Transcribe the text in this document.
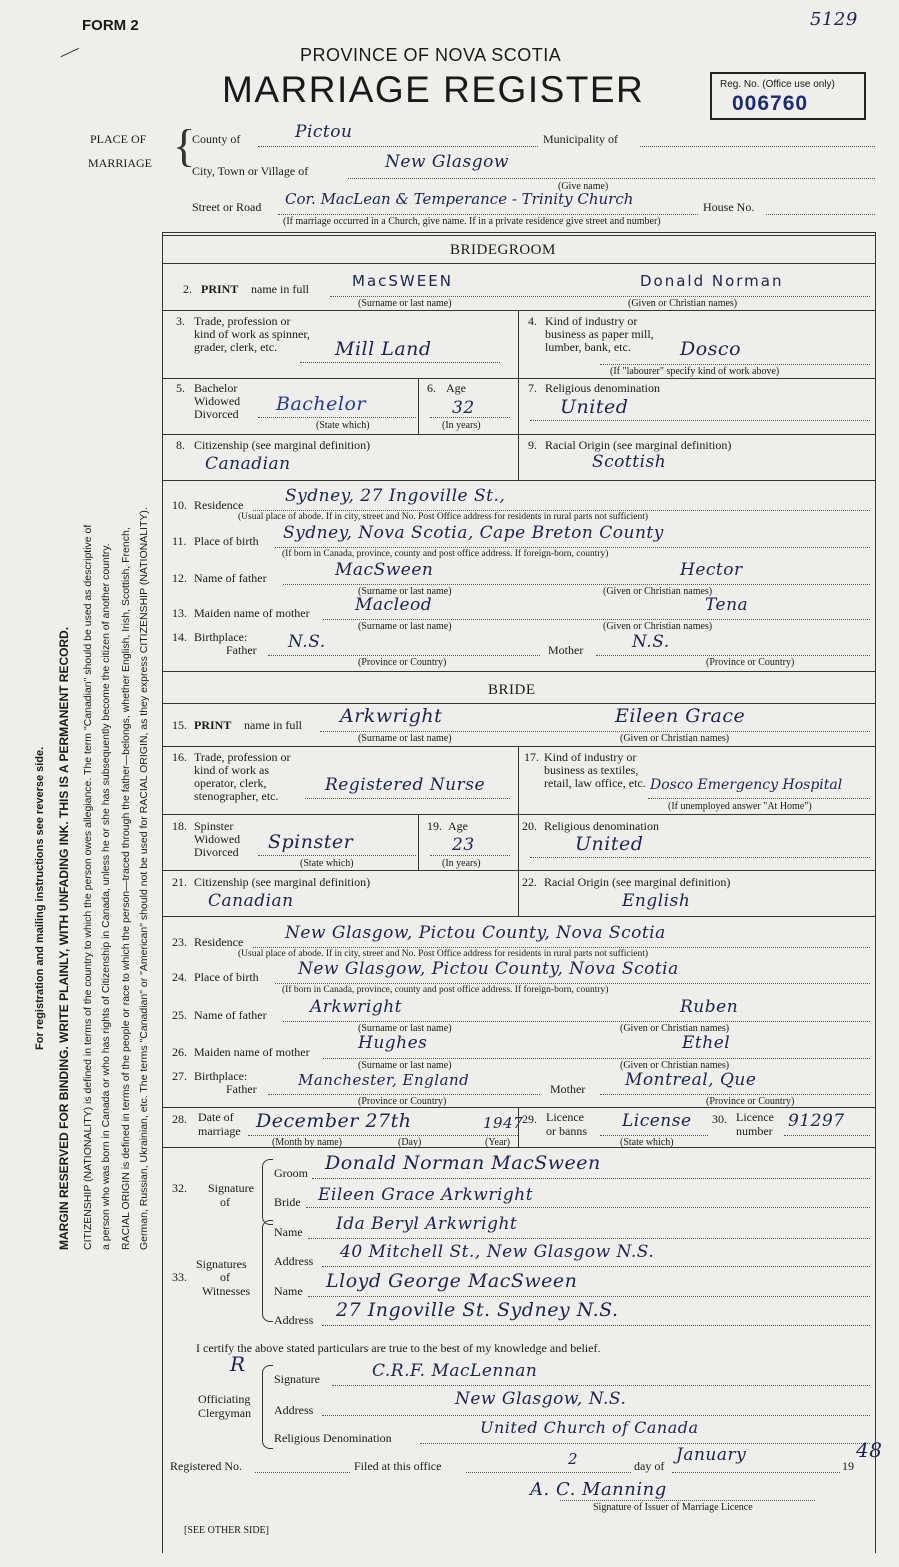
For registration and mailing instructions see reverse side. MARGIN RESERVED FOR BINDING. WRITE PLAINLY, WITH UNFADING INK. THIS IS A PERMANENT RECORD. CITIZENSHIP (NATIONALITY) is defined in terms of the country to which the person owes allegiance. The term "Canadian" should be used as descriptive of a person who was born in Canada or who has rights of Citizenship in Canada, unless he or she has subsequently become the citizen of another country. RACIAL ORIGIN is defined in terms of the people or race to which the person—traced through the father—belongs, whether English, Irish, Scottish, French, German, Russian, Ukrainian, etc. The terms "Canadian" or "American" should not be used for RACIAL ORIGIN, as they express CITIZENSHIP (NATIONALITY).
FORM 2	5129
PROVINCE OF NOVA SCOTIA
MARRIAGE REGISTER	Reg. No. (Office use only)
006760
PLACE OF
MARRIAGE {
County of	Pictou	Municipality of
City, Town or Village of	New Glasgow
(Give name)
Street or Road Cor. MacLean & Temperance - Trinity Church	House No.
(If marriage occurred in a Church, give name. If in a private residence give street and number)
BRIDEGROOM
2. PRINT name in full	MacSWEEN	Donald Norman
(Surname or last name)	(Given or Christian names)
3. Trade, profession or kind of work as spinner, grader, clerk, etc.	Mill Land
4. Kind of industry or business as paper mill, lumber, bank, etc.	Dosco
(If "labourer" specify kind of work above)
5. Bachelor Widowed Divorced	Bachelor
(State which)
6. Age
32
(In years)
7. Religious denomination
United
8. Citizenship (see marginal definition)
Canadian
9. Racial Origin (see marginal definition)
Scottish
10. Residence Sydney, 27 Ingoville St.,
(Usual place of abode. If in city, street and No. Post Office address for residents in rural parts not sufficient)
11. Place of birth Sydney, Nova Scotia, Cape Breton County
(If born in Canada, province, county and post office address. If foreign-born, country)
12. Name of father	MacSween	Hector
(Surname or last name)	(Given or Christian names)
13. Maiden name of mother	Macleod	Tena
(Surname or last name)	(Given or Christian names)
14. Birthplace:
Father N.S.	Mother	N.S.
(Province or Country)	(Province or Country)
BRIDE
15. PRINT name in full Arkwright	Eileen Grace
(Surname or last name)	(Given or Christian names)
16. Trade, profession or kind of work as operator, clerk, stenographer, etc.
Registered Nurse
17. Kind of industry or business as textiles, retail, law office, etc. Dosco Emergency Hospital
(If unemployed answer "At Home")
18. Spinster Widowed Divorced	Spinster
(State which)
19. Age
23
(In years)
20. Religious denomination
United
21. Citizenship (see marginal definition)
Canadian
22. Racial Origin (see marginal definition)
English
23. Residence New Glasgow, Pictou County, Nova Scotia
(Usual place of abode. If in city, street and No. Post Office address for residents in rural parts not sufficient)
24. Place of birth New Glasgow, Pictou County, Nova Scotia
(If born in Canada, province, county and post office address. If foreign-born, country)
25. Name of father	Arkwright	Ruben
(Surname or last name)	(Given or Christian names)
26. Maiden name of mother	Hughes	Ethel
(Surname or last name)	(Given or Christian names)
27. Birthplace:
Father	Manchester, England	Mother Montreal, Que
(Province or Country)	(Province or Country)
28. Date of
marriage December 27th	1947
(Month by name)	(Day)	(Year)
29. Licence
or banns License
(State which)
30. Licence
number 91297
32. Signature
of
Groom Donald Norman MacSween
Bride Eileen Grace Arkwright
33.
Signatures
of
Witnesses
Name Ida Beryl Arkwright
Address 40 Mitchell St., New Glasgow N.S.
Name Lloyd George MacSween
Address 27 Ingoville St. Sydney N.S.
I certify the above stated particulars are true to the best of my knowledge and belief.
R
Officiating
Clergyman
Signature	C.R.F. MacLennan
Address
New Glasgow, N.S.
Religious Denomination
United Church of Canada
Registered No.	Filed at this office	2	day of
January
19
48
A. C. Manning
Signature of Issuer of Marriage Licence
[SEE OTHER SIDE]
